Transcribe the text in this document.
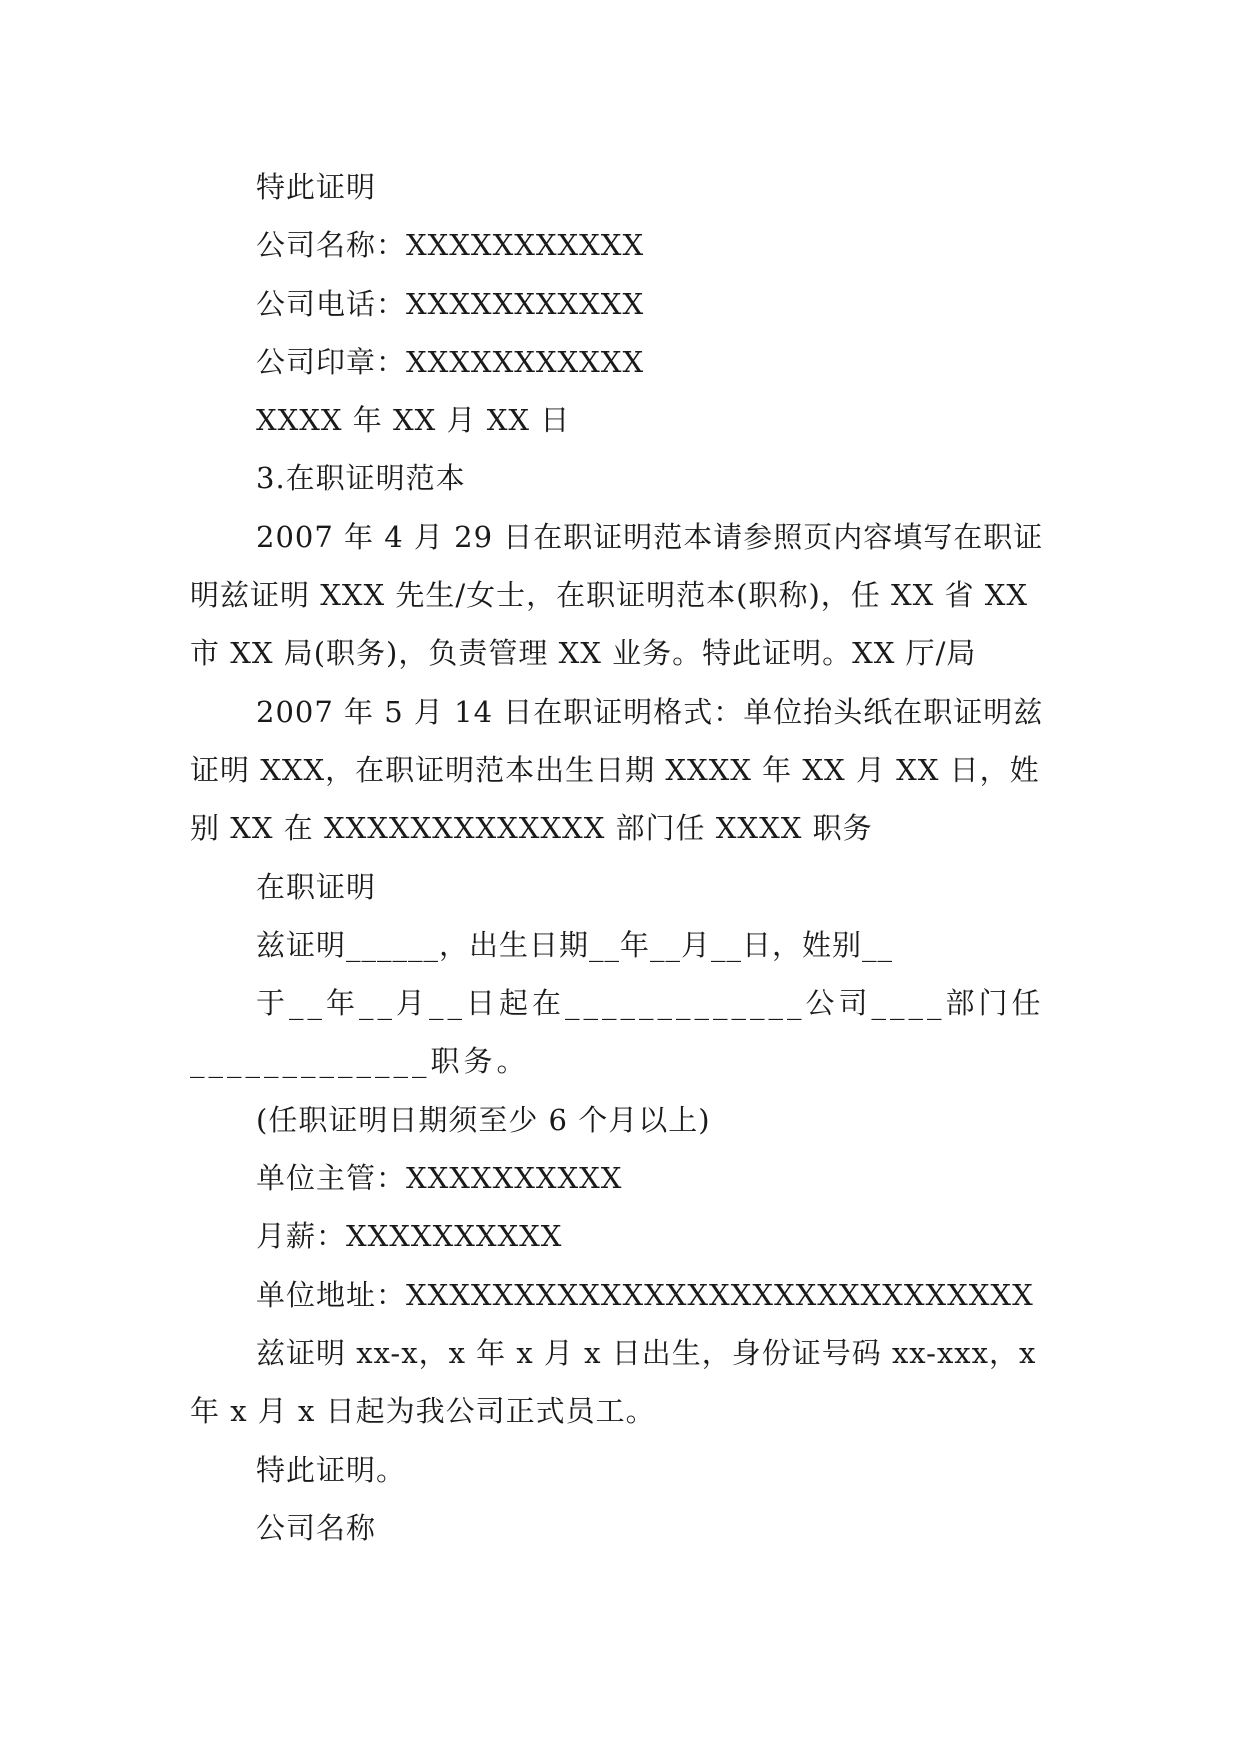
特此证明

公司名称：XXXXXXXXXXX

公司电话：XXXXXXXXXXX

公司印章：XXXXXXXXXXX

XXXX 年 XX 月 XX 日

3.在职证明范本

2007 年 4 月 29 日在职证明范本请参照页内容填写在职证明兹证明 XXX 先生/女士，在职证明范本(职称)，任 XX 省 XX 市 XX 局(职务)，负责管理 XX 业务。特此证明。XX 厅/局

2007 年 5 月 14 日在职证明格式：单位抬头纸在职证明兹证明 XXX，在职证明范本出生日期 XXXX 年 XX 月 XX 日，姓别 XX 在 XXXXXXXXXXXXX 部门任 XXXX 职务

在职证明

兹证明______，出生日期__年__月__日，姓别__

于__年__月__日起在_____________公司____部门任_____________职务。

(任职证明日期须至少 6 个月以上)

单位主管：XXXXXXXXXX

月薪：XXXXXXXXXX

单位地址：XXXXXXXXXXXXXXXXXXXXXXXXXXXXX

兹证明 xx-x，x 年 x 月 x 日出生，身份证号码 xx-xxx，x 年 x 月 x 日起为我公司正式员工。

特此证明。

公司名称
